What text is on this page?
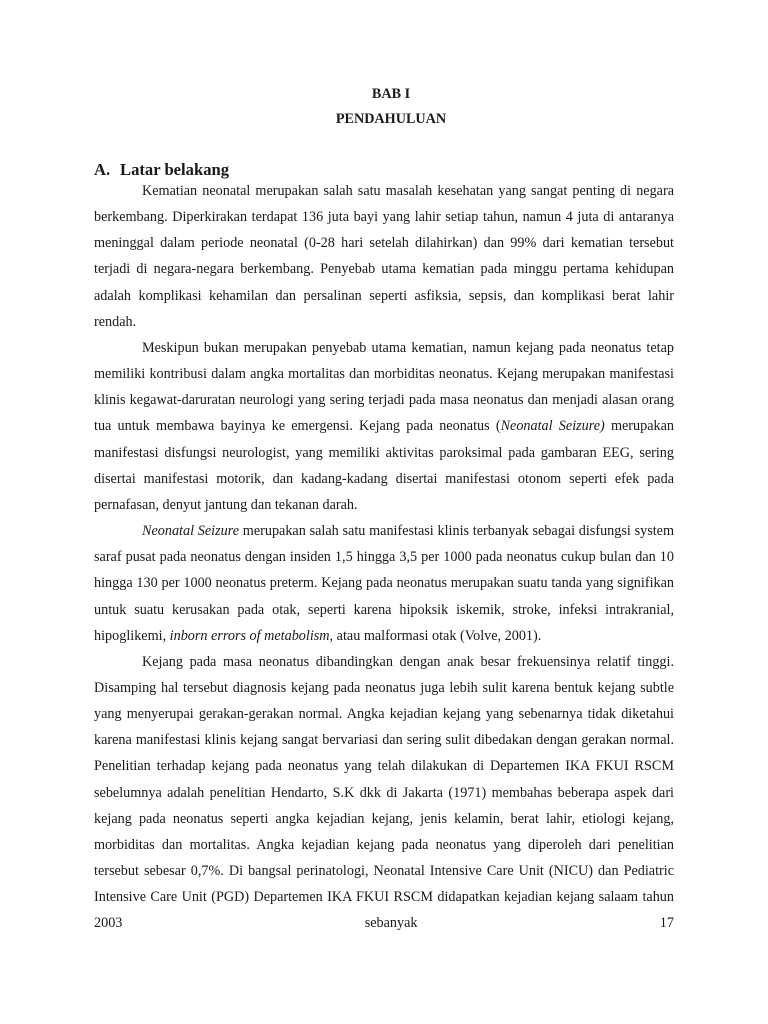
BAB I
PENDAHULUAN
A. Latar belakang

Kematian neonatal merupakan salah satu masalah kesehatan yang sangat penting di negara berkembang. Diperkirakan terdapat 136 juta bayi yang lahir setiap tahun, namun 4 juta di antaranya meninggal dalam periode neonatal (0-28 hari setelah dilahirkan) dan 99% dari kematian tersebut terjadi di negara-negara berkembang. Penyebab utama kematian pada minggu pertama kehidupan adalah komplikasi kehamilan dan persalinan seperti asfiksia, sepsis, dan komplikasi berat lahir rendah.

Meskipun bukan merupakan penyebab utama kematian, namun kejang pada neonatus tetap memiliki kontribusi dalam angka mortalitas dan morbiditas neonatus. Kejang merupakan manifestasi klinis kegawat-daruratan neurologi yang sering terjadi pada masa neonatus dan menjadi alasan orang tua untuk membawa bayinya ke emergensi. Kejang pada neonatus (Neonatal Seizure) merupakan manifestasi disfungsi neurologist, yang memiliki aktivitas paroksimal pada gambaran EEG, sering disertai manifestasi motorik, dan kadang-kadang disertai manifestasi otonom seperti efek pada pernafasan, denyut jantung dan tekanan darah.

Neonatal Seizure merupakan salah satu manifestasi klinis terbanyak sebagai disfungsi system saraf pusat pada neonatus dengan insiden 1,5 hingga 3,5 per 1000 pada neonatus cukup bulan dan 10 hingga 130 per 1000 neonatus preterm. Kejang pada neonatus merupakan suatu tanda yang signifikan untuk suatu kerusakan pada otak, seperti karena hipoksik iskemik, stroke, infeksi intrakranial, hipoglikemi, inborn errors of metabolism, atau malformasi otak (Volve, 2001).

Kejang pada masa neonatus dibandingkan dengan anak besar frekuensinya relatif tinggi. Disamping hal tersebut diagnosis kejang pada neonatus juga lebih sulit karena bentuk kejang subtle yang menyerupai gerakan-gerakan normal. Angka kejadian kejang yang sebenarnya tidak diketahui karena manifestasi klinis kejang sangat bervariasi dan sering sulit dibedakan dengan gerakan normal. Penelitian terhadap kejang pada neonatus yang telah dilakukan di Departemen IKA FKUI RSCM sebelumnya adalah penelitian Hendarto, S.K dkk di Jakarta (1971) membahas beberapa aspek dari kejang pada neonatus seperti angka kejadian kejang, jenis kelamin, berat lahir, etiologi kejang, morbiditas dan mortalitas. Angka kejadian kejang pada neonatus yang diperoleh dari penelitian tersebut sebesar 0,7%. Di bangsal perinatologi, Neonatal Intensive Care Unit (NICU) dan Pediatric Intensive Care Unit (PGD) Departemen IKA FKUI RSCM didapatkan kejadian kejang salaam tahun 2003 sebanyak 17
